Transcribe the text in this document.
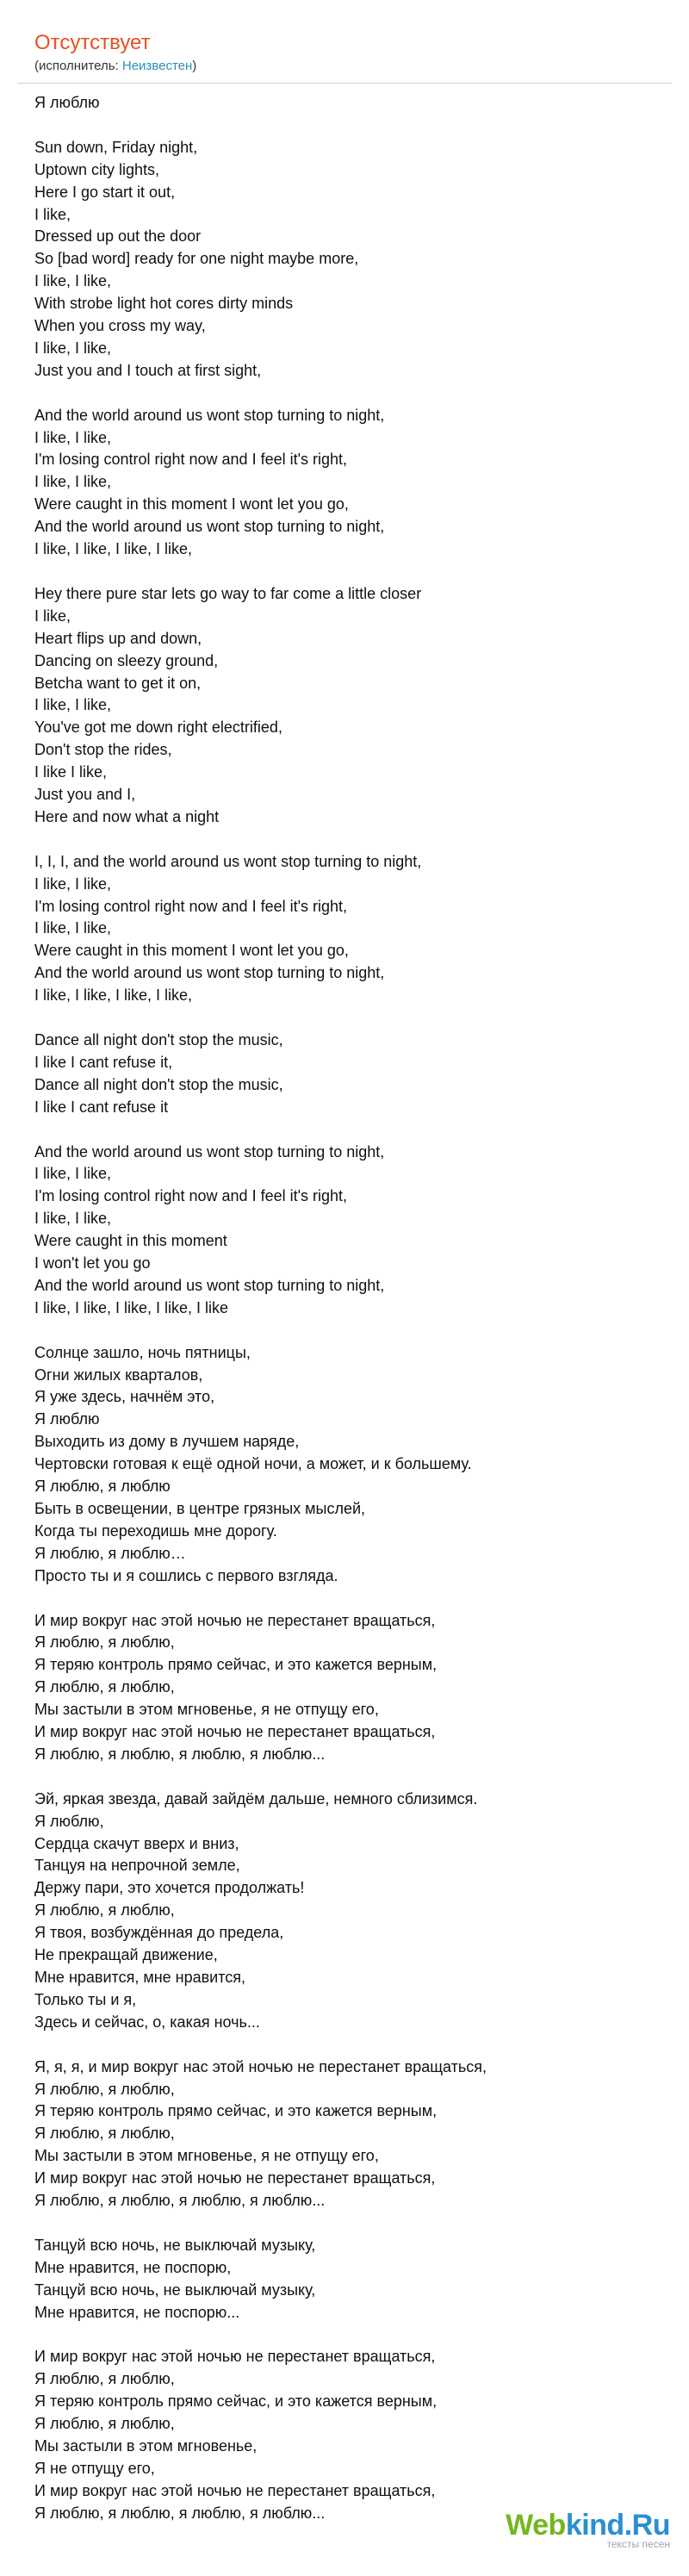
Отсутствует
(исполнитель: Неизвестен)
Я люблю
Sun down, Friday night,
Uptown city lights,
Here I go start it out,
I like,
Dressed up out the door
So [bad word] ready for one night maybe more,
I like, I like,
With strobe light hot cores dirty minds
When you cross my way,
I like, I like,
Just you and I touch at first sight,
And the world around us wont stop turning to night,
I like, I like,
I'm losing control right now and I feel it's right,
I like, I like,
Were caught in this moment I wont let you go,
And the world around us wont stop turning to night,
I like, I like, I like, I like,
Hey there pure star lets go way to far come a little closer
I like,
Heart flips up and down,
Dancing on sleezy ground,
Betcha want to get it on,
I like, I like,
You've got me down right electrified,
Don't stop the rides,
I like I like,
Just you and I,
Here and now what a night
I, I, I, and the world around us wont stop turning to night,
I like, I like,
I'm losing control right now and I feel it's right,
I like, I like,
Were caught in this moment I wont let you go,
And the world around us wont stop turning to night,
I like, I like, I like, I like,
Dance all night don't stop the music,
I like I cant refuse it,
Dance all night don't stop the music,
I like I cant refuse it
And the world around us wont stop turning to night,
I like, I like,
I'm losing control right now and I feel it's right,
I like, I like,
Were caught in this moment
I won't let you go
And the world around us wont stop turning to night,
I like, I like, I like, I like, I like
Солнце зашло, ночь пятницы,
Огни жилых кварталов,
Я уже здесь, начнём это,
Я люблю
Выходить из дому в лучшем наряде,
Чертовски готовая к ещё одной ночи, а может, и к большему.
Я люблю, я люблю
Быть в освещении, в центре грязных мыслей,
Когда ты переходишь мне дорогу.
Я люблю, я люблю…
Просто ты и я сошлись с первого взгляда.
И мир вокруг нас этой ночью не перестанет вращаться,
Я люблю, я люблю,
Я теряю контроль прямо сейчас, и это кажется верным,
Я люблю, я люблю,
Мы застыли в этом мгновенье, я не отпущу его,
И мир вокруг нас этой ночью не перестанет вращаться,
Я люблю, я люблю, я люблю, я люблю...
Эй, яркая звезда, давай зайдём дальше, немного сблизимся.
Я люблю,
Сердца скачут вверх и вниз,
Танцуя на непрочной земле,
Держу пари, это хочется продолжать!
Я люблю, я люблю,
Я твоя, возбуждённая до предела,
Не прекращай движение,
Мне нравится, мне нравится,
Только ты и я,
Здесь и сейчас, о, какая ночь...
Я, я, я, и мир вокруг нас этой ночью не перестанет вращаться,
Я люблю, я люблю,
Я теряю контроль прямо сейчас, и это кажется верным,
Я люблю, я люблю,
Мы застыли в этом мгновенье, я не отпущу его,
И мир вокруг нас этой ночью не перестанет вращаться,
Я люблю, я люблю, я люблю, я люблю...
Танцуй всю ночь, не выключай музыку,
Мне нравится, не поспорю,
Танцуй всю ночь, не выключай музыку,
Мне нравится, не поспорю...
И мир вокруг нас этой ночью не перестанет вращаться,
Я люблю, я люблю,
Я теряю контроль прямо сейчас, и это кажется верным,
Я люблю, я люблю,
Мы застыли в этом мгновенье,
Я не отпущу его,
И мир вокруг нас этой ночью не перестанет вращаться,
Я люблю, я люблю, я люблю, я люблю...	Webkind.Ru
тексты песен
